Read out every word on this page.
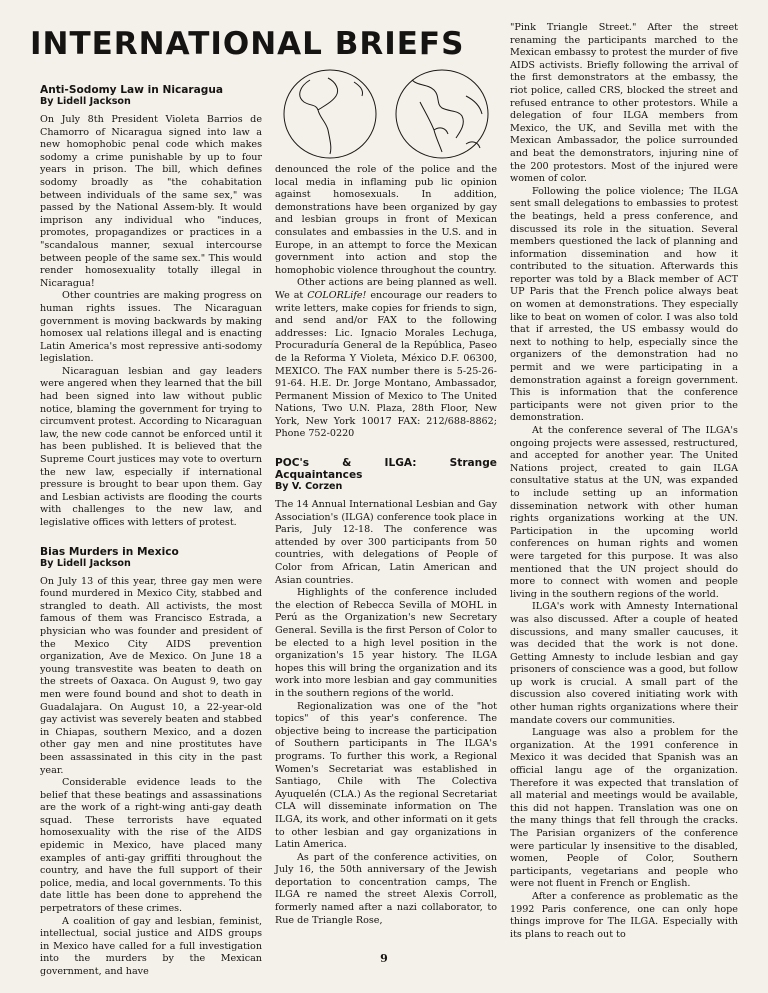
INTERNATIONAL BRIEFS
Anti-Sodomy Law in Nicaragua
By Lidell Jackson

On July 8th President Violeta Barrios de Chamorro of Nicaragua signed into law a new homophobic penal code which makes sodomy a crime punishable by up to four years in prison. The bill, which defines sodomy broadly as "the cohabitation between individuals of the same sex," was passed by the National Assem-bly. It would imprison any individual who "induces, promotes, propagandizes or practices in a "scandalous manner, sexual intercourse between people of the same sex." This would render homosexuality totally illegal in Nicaragua!

Other countries are making progress on human rights issues. The Nicaraguan government is moving backwards by making homosex ual relations illegal and is enacting Latin America's most repressive anti-sodomy legislation.

Nicaraguan lesbian and gay leaders were angered when they learned that the bill had been signed into law without public notice, blaming the government for trying to circumvent protest. According to Nicaraguan law, the new code cannot be enforced until it has been published. It is believed that the Supreme Court justices may vote to overturn the new law, especially if international pressure is brought to bear upon them. Gay and Lesbian activists are flooding the courts with challenges to the new law, and legislative offices with letters of protest.

Bias Murders in Mexico
By Lidell Jackson

On July 13 of this year, three gay men were found murdered in Mexico City, stabbed and strangled to death. All activists, the most famous of them was Francisco Estrada, a physician who was founder and president of the Mexico City AIDS prevention organization, Ave de Mexico. On June 18 a young transvestite was beaten to death on the streets of Oaxaca. On August 9, two gay men were found bound and shot to death in Guadalajara. On August 10, a 22-year-old gay activist was severely beaten and stabbed in Chiapas, southern Mexico, and a dozen other gay men and nine prostitutes have been assassinated in this city in the past year.

Considerable evidence leads to the belief that these beatings and assassinations are the work of a right-wing anti-gay death squad. These terrorists have equated homosexuality with the rise of the AIDS epidemic in Mexico, have placed many examples of anti-gay griffiti throughout the country, and have the full support of their police, media, and local governments. To this date little has been done to apprehend the perpetrators of these crimes.

A coalition of gay and lesbian, feminist, intellectual, social justice and AIDS groups in Mexico have called for a full investigation into the murders by the Mexican government, and have

denounced the role of the police and the local media in inflaming pub lic opinion against homosexuals. In addition, demonstrations have been organized by gay and lesbian groups in front of Mexican consulates and embassies in the U.S. and in Europe, in an attempt to force the Mexican government into action and stop the homophobic violence throughout the country.

Other actions are being planned as well. We at COLORLife! encourage our readers to write letters, make copies for friends to sign, and send and/or FAX to the following addresses: Lic. Ignacio Morales Lechuga, Procuraduría General de la República, Paseo de la Reforma Y Violeta, México D.F. 06300, MEXICO. The FAX number there is 5-25-26-91-64. H.E. Dr. Jorge Montano, Ambassador, Permanent Mission of Mexico to The United Nations, Two U.N. Plaza, 28th Floor, New York, New York 10017 FAX: 212/688-8862; Phone 752-0220

POC's & ILGA: Strange Acquaintances
By V. Corzen

The 14 Annual International Lesbian and Gay Association's (ILGA) conference took place in Paris, July 12-18. The conference was attended by over 300 participants from 50 countries, with delegations of People of Color from African, Latin American and Asian countries.

Highlights of the conference included the election of Rebecca Sevilla of MOHL in Perú as the Organization's new Secretary General. Sevilla is the first Person of Color to be elected to a high level position in the organization's 15 year history. The ILGA hopes this will bring the organization and its work into more lesbian and gay communities in the southern regions of the world.

Regionalization was one of the "hot topics" of this year's conference. The objective being to increase the participation of Southern participants in The ILGA's programs. To further this work, a Regional Women's Secretariat was established in Santiago, Chile with The Colectiva Ayuquelén (CLA.) As the regional Secretariat CLA will disseminate information on The ILGA, its work, and other informati on it gets to other lesbian and gay organizations in Latin America.

As part of the conference activities, on July 16, the 50th anniversary of the Jewish deportation to concentration camps, The ILGA re named the street Alexis Corroll, formerly named after a nazi collaborator, to Rue de Triangle Rose,

"Pink Triangle Street." After the street renaming the participants marched to the Mexican embassy to protest the murder of five AIDS activists. Briefly following the arrival of the first demonstrators at the embassy, the riot police, called CRS, blocked the street and refused entrance to other protestors. While a delegation of four ILGA members from Mexico, the UK, and Sevilla met with the Mexican Ambassador, the police surrounded and beat the demonstrators, injuring nine of the 200 protestors. Most of the injured were women of color.

Following the police violence; The ILGA sent small delegations to embassies to protest the beatings, held a press conference, and discussed its role in the situation. Several members questioned the lack of planning and information dissemination and how it contributed to the situation. Afterwards this reporter was told by a Black member of ACT UP Paris that the French police always beat on women at demonstrations. They especially like to beat on women of color. I was also told that if arrested, the US embassy would do next to nothing to help, especially since the organizers of the demonstration had no permit and we were participating in a demonstration against a foreign government. This is information that the conference participants were not given prior to the demonstration.

At the conference several of The ILGA's ongoing projects were assessed, restructured, and accepted for another year. The United Nations project, created to gain ILGA consultative status at the UN, was expanded to include setting up an information dissemination network with other human rights organizations working at the UN. Participation in the upcoming world conferences on human rights and women were targeted for this purpose. It was also mentioned that the UN project should do more to connect with women and people living in the southern regions of the world.

ILGA's work with Amnesty International was also discussed. After a couple of heated discussions, and many smaller caucuses, it was decided that the work is not done. Getting Amnesty to include lesbian and gay prisoners of conscience was a good, but follow up work is crucial. A small part of the discussion also covered initiating work with other human rights organizations where their mandate covers our communities.

Language was also a problem for the organization. At the 1991 conference in Mexico it was decided that Spanish was an official langu age of the organization. Therefore it was expected that translation of all material and meetings would be available, this did not happen. Translation was one on the many things that fell through the cracks. The Parisian organizers of the conference were particular ly insensitive to the disabled, women, People of Color, Southern participants, vegetarians and people who were not fluent in French or English.

After a conference as problematic as the 1992 Paris conference, one can only hope things improve for The ILGA. Especially with its plans to reach out to

9
